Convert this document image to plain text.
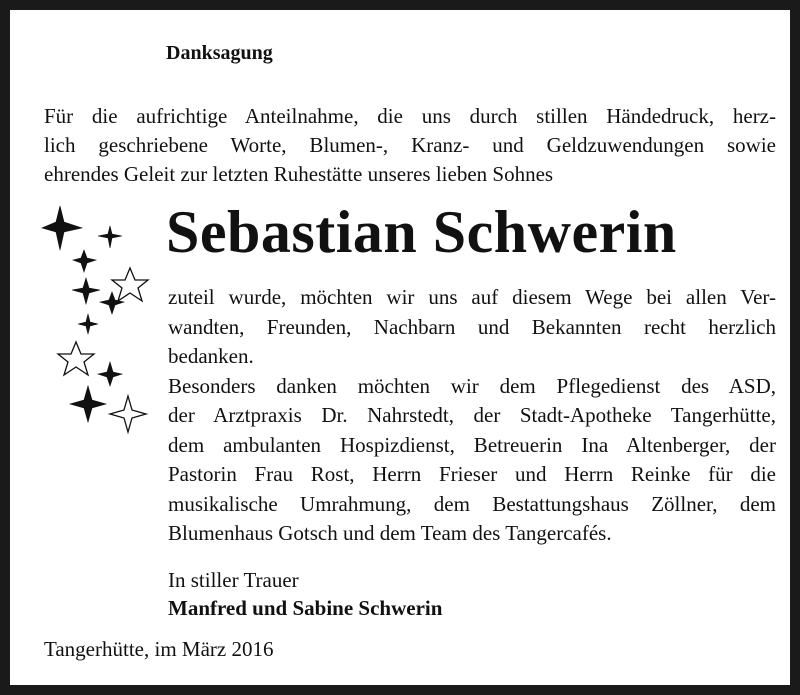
Danksagung
Für die aufrichtige Anteilnahme, die uns durch stillen Händedruck, herz-
lich geschriebene Worte, Blumen-, Kranz- und Geldzuwendungen sowie
ehrendes Geleit zur letzten Ruhestätte unseres lieben Sohnes
Sebastian Schwerin
zuteil wurde, möchten wir uns auf diesem Wege bei allen Ver-
wandten, Freunden, Nachbarn und Bekannten recht herzlich
bedanken.
Besonders danken möchten wir dem Pflegedienst des ASD,
der Arztpraxis Dr. Nahrstedt, der Stadt-Apotheke Tangerhütte,
dem ambulanten Hospizdienst, Betreuerin Ina Altenberger, der
Pastorin Frau Rost, Herrn Frieser und Herrn Reinke für die
musikalische Umrahmung, dem Bestattungshaus Zöllner, dem
Blumenhaus Gotsch und dem Team des Tangercafés.
In stiller Trauer
Manfred und Sabine Schwerin
Tangerhütte, im März 2016
